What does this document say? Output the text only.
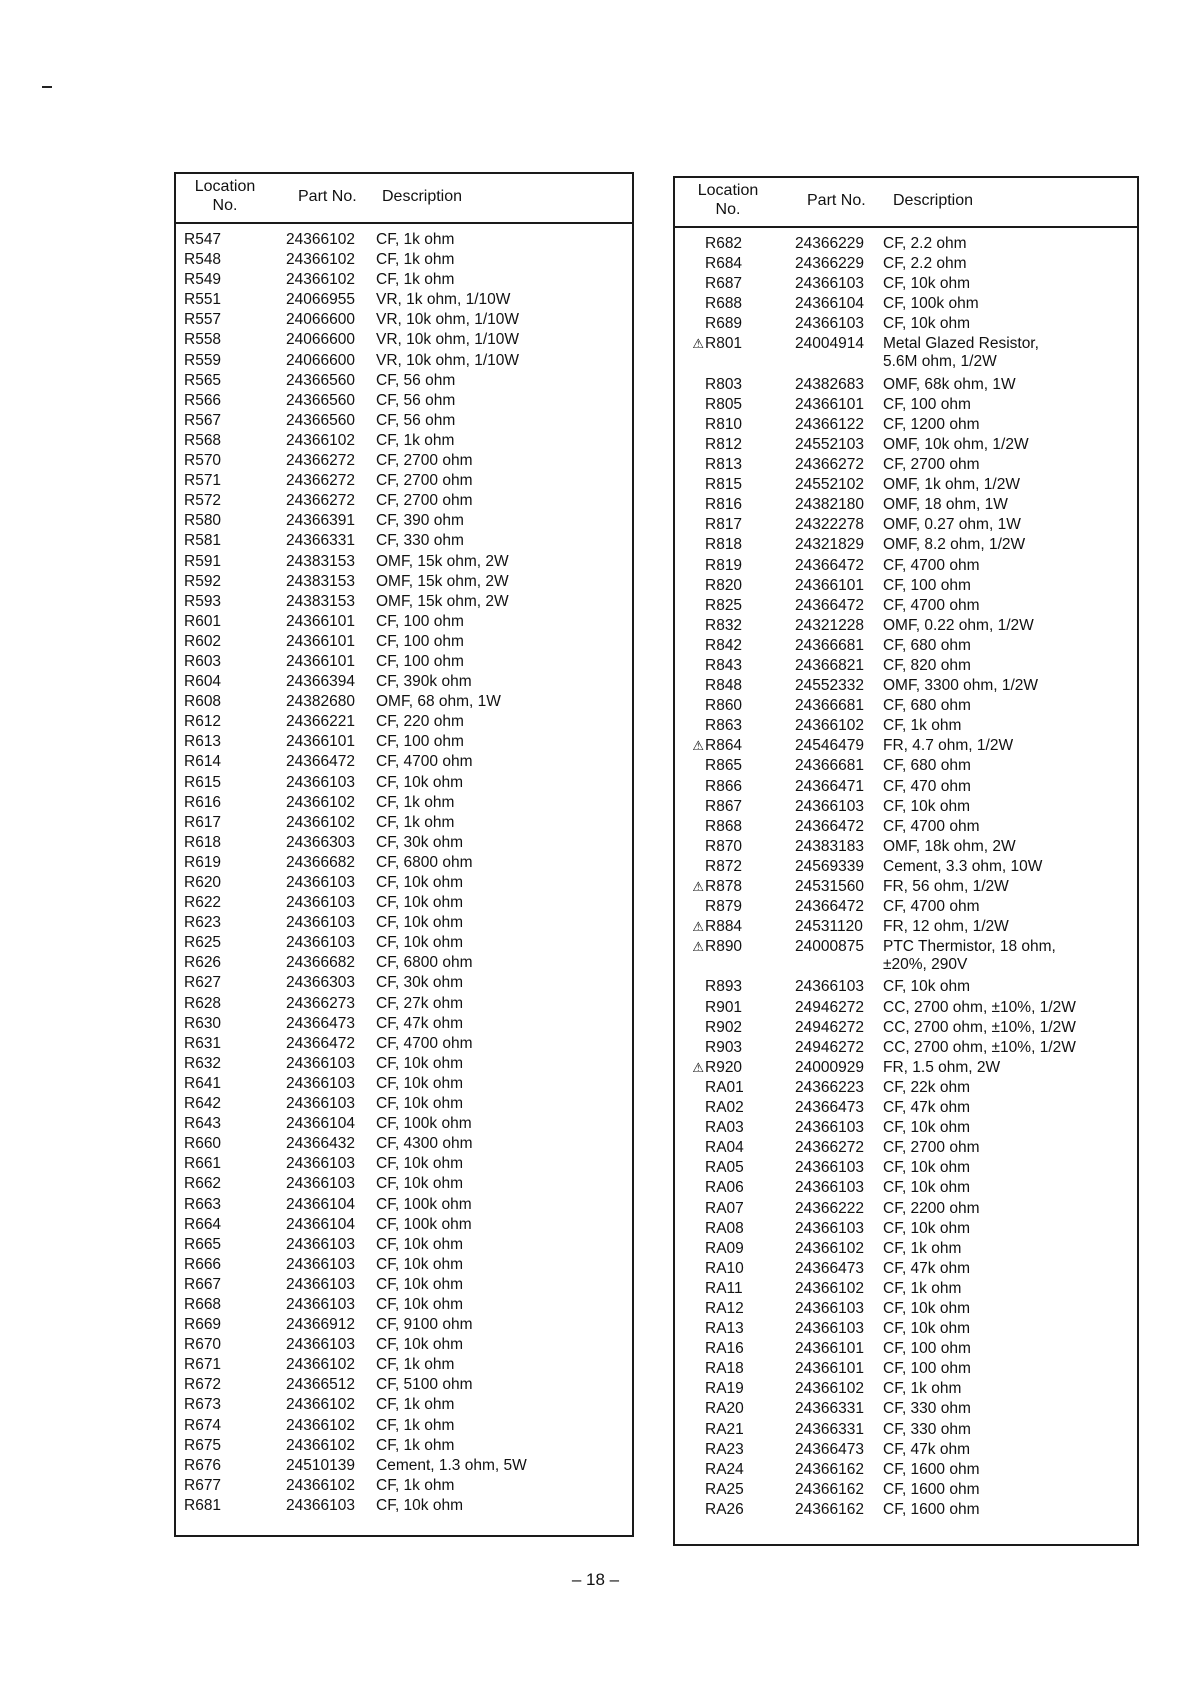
Location
No.
Part No. Description
R547	24366102 CF, 1k ohm
R548	24366102 CF, 1k ohm
R549	24366102 CF, 1k ohm
R551	24066955 VR, 1k ohm, 1/10W
R557	24066600 VR, 10k ohm, 1/10W
R558	24066600 VR, 10k ohm, 1/10W
R559	24066600 VR, 10k ohm, 1/10W
R565	24366560 CF, 56 ohm
R566	24366560 CF, 56 ohm
R567	24366560 CF, 56 ohm
R568	24366102 CF, 1k ohm
R570	24366272 CF, 2700 ohm
R571	24366272 CF, 2700 ohm
R572	24366272 CF, 2700 ohm
R580	24366391 CF, 390 ohm
R581	24366331 CF, 330 ohm
R591	24383153 OMF, 15k ohm, 2W
R592	24383153 OMF, 15k ohm, 2W
R593	24383153 OMF, 15k ohm, 2W
R601	24366101 CF, 100 ohm
R602	24366101 CF, 100 ohm
R603	24366101 CF, 100 ohm
R604	24366394 CF, 390k ohm
R608	24382680 OMF, 68 ohm, 1W
R612	24366221 CF, 220 ohm
R613	24366101 CF, 100 ohm
R614	24366472 CF, 4700 ohm
R615	24366103 CF, 10k ohm
R616	24366102 CF, 1k ohm
R617	24366102 CF, 1k ohm
R618	24366303 CF, 30k ohm
R619	24366682 CF, 6800 ohm
R620	24366103 CF, 10k ohm
R622	24366103 CF, 10k ohm
R623	24366103 CF, 10k ohm
R625	24366103 CF, 10k ohm
R626	24366682 CF, 6800 ohm
R627	24366303 CF, 30k ohm
R628	24366273 CF, 27k ohm
R630	24366473 CF, 47k ohm
R631	24366472 CF, 4700 ohm
R632	24366103 CF, 10k ohm
R641	24366103 CF, 10k ohm
R642	24366103 CF, 10k ohm
R643	24366104 CF, 100k ohm
R660	24366432 CF, 4300 ohm
R661	24366103 CF, 10k ohm
R662	24366103 CF, 10k ohm
R663	24366104 CF, 100k ohm
R664	24366104 CF, 100k ohm
R665	24366103 CF, 10k ohm
R666	24366103 CF, 10k ohm
R667	24366103 CF, 10k ohm
R668	24366103 CF, 10k ohm
R669	24366912 CF, 9100 ohm
R670	24366103 CF, 10k ohm
R671	24366102 CF, 1k ohm
R672	24366512 CF, 5100 ohm
R673	24366102 CF, 1k ohm
R674	24366102 CF, 1k ohm
R675	24366102 CF, 1k ohm
R676	24510139 Cement, 1.3 ohm, 5W
R677	24366102 CF, 1k ohm
R681	24366103 CF, 10k ohm
Location
No.
Part No. Description
R682	24366229 CF, 2.2 ohm
R684	24366229 CF, 2.2 ohm
R687	24366103 CF, 10k ohm
R688	24366104 CF, 100k ohm
R689	24366103 CF, 10k ohm
⚠R801	24004914 Metal Glazed Resistor,
5.6M ohm, 1/2W
R803	24382683 OMF, 68k ohm, 1W
R805	24366101 CF, 100 ohm
R810	24366122 CF, 1200 ohm
R812	24552103 OMF, 10k ohm, 1/2W
R813	24366272 CF, 2700 ohm
R815	24552102 OMF, 1k ohm, 1/2W
R816	24382180 OMF, 18 ohm, 1W
R817	24322278 OMF, 0.27 ohm, 1W
R818	24321829 OMF, 8.2 ohm, 1/2W
R819	24366472 CF, 4700 ohm
R820	24366101 CF, 100 ohm
R825	24366472 CF, 4700 ohm
R832	24321228 OMF, 0.22 ohm, 1/2W
R842	24366681 CF, 680 ohm
R843	24366821 CF, 820 ohm
R848	24552332 OMF, 3300 ohm, 1/2W
R860	24366681 CF, 680 ohm
R863	24366102 CF, 1k ohm
⚠R864	24546479 FR, 4.7 ohm, 1/2W
R865	24366681 CF, 680 ohm
R866	24366471 CF, 470 ohm
R867	24366103 CF, 10k ohm
R868	24366472 CF, 4700 ohm
R870	24383183 OMF, 18k ohm, 2W
R872	24569339 Cement, 3.3 ohm, 10W
⚠R878	24531560 FR, 56 ohm, 1/2W
R879	24366472 CF, 4700 ohm
⚠R884	24531120 FR, 12 ohm, 1/2W
⚠R890	24000875 PTC Thermistor, 18 ohm,
±20%, 290V
R893	24366103 CF, 10k ohm
R901	24946272 CC, 2700 ohm, ±10%, 1/2W
R902	24946272 CC, 2700 ohm, ±10%, 1/2W
R903	24946272 CC, 2700 ohm, ±10%, 1/2W
⚠R920	24000929 FR, 1.5 ohm, 2W
RA01	24366223 CF, 22k ohm
RA02	24366473 CF, 47k ohm
RA03	24366103 CF, 10k ohm
RA04	24366272 CF, 2700 ohm
RA05	24366103 CF, 10k ohm
RA06	24366103 CF, 10k ohm
RA07	24366222 CF, 2200 ohm
RA08	24366103 CF, 10k ohm
RA09	24366102 CF, 1k ohm
RA10	24366473 CF, 47k ohm
RA11	24366102 CF, 1k ohm
RA12	24366103 CF, 10k ohm
RA13	24366103 CF, 10k ohm
RA16	24366101 CF, 100 ohm
RA18	24366101 CF, 100 ohm
RA19	24366102 CF, 1k ohm
RA20	24366331 CF, 330 ohm
RA21	24366331 CF, 330 ohm
RA23	24366473 CF, 47k ohm
RA24	24366162 CF, 1600 ohm
RA25	24366162 CF, 1600 ohm
RA26	24366162 CF, 1600 ohm
– 18 –
